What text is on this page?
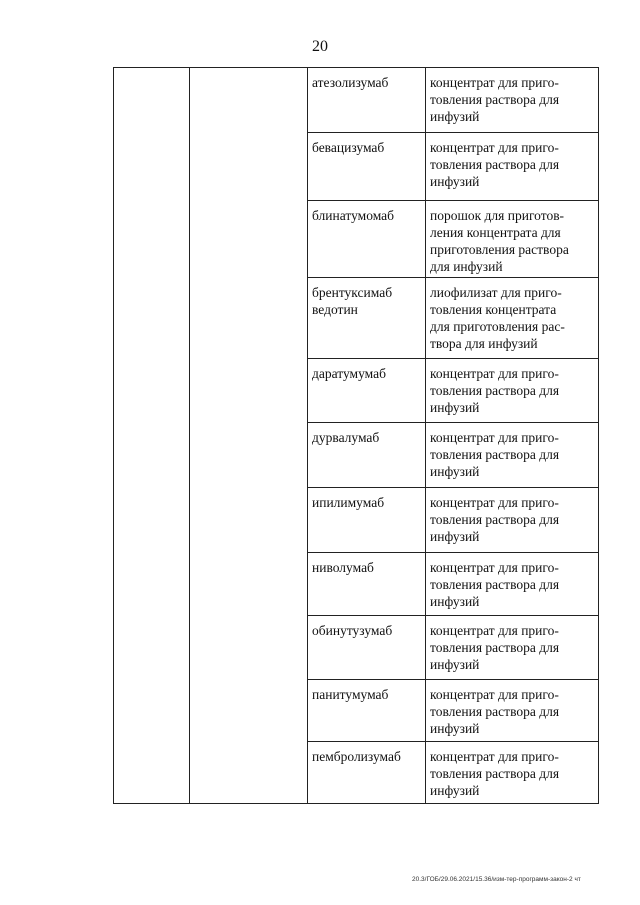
20
		атезолизумаб	концентрат для приго-
товления раствора для
инфузий
		бевацизумаб	концентрат для приго-
товления раствора для
инфузий
		блинатумомаб	порошок для приготов-
ления концентрата для
приготовления раствора
для инфузий
		брентуксимаб
ведотин	лиофилизат для приго-
товления концентрата
для приготовления рас-
твора для инфузий
		даратумумаб	концентрат для приго-
товления раствора для
инфузий
		дурвалумаб	концентрат для приго-
товления раствора для
инфузий
		ипилимумаб	концентрат для приго-
товления раствора для
инфузий
		ниволумаб	концентрат для приго-
товления раствора для
инфузий
		обинутузумаб	концентрат для приго-
товления раствора для
инфузий
		панитумумаб	концентрат для приго-
товления раствора для
инфузий
		пембролизумаб	концентрат для приго-
товления раствора для
инфузий
20.3/ГОБ/29.06.2021/15.36/изм-тер-программ-закон-2 чт
